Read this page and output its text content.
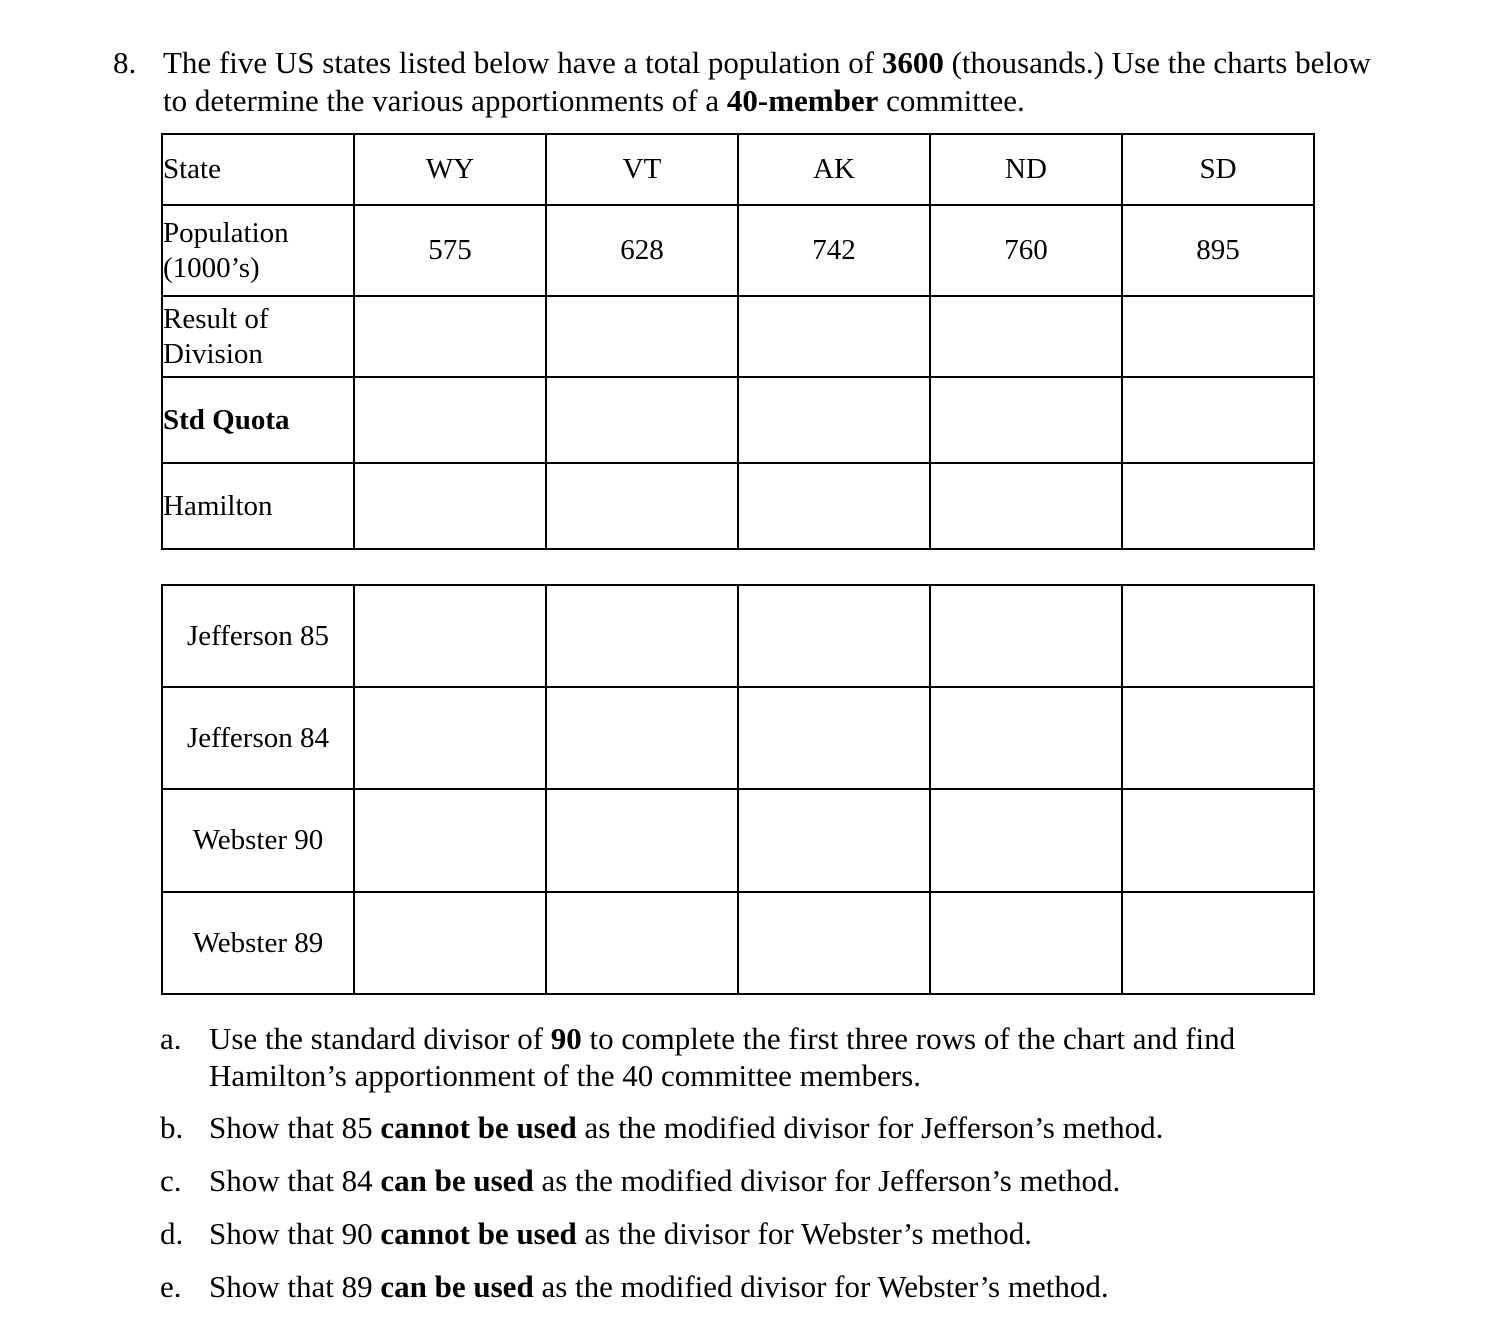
8. The five US states listed below have a total population of 3600 (thousands.) Use the charts below to determine the various apportionments of a 40-member committee.
State	WY	VT	AK	ND	SD
Population
(1000’s)	575	628	742	760	895
Result of
Division					
Std Quota					
Hamilton					
Jefferson 85					
Jefferson 84					
Webster 90					
Webster 89					
a. Use the standard divisor of 90 to complete the first three rows of the chart and find Hamilton’s apportionment of the 40 committee members.
b. Show that 85 cannot be used as the modified divisor for Jefferson’s method.
c. Show that 84 can be used as the modified divisor for Jefferson’s method.
d. Show that 90 cannot be used as the divisor for Webster’s method.
e. Show that 89 can be used as the modified divisor for Webster’s method.
